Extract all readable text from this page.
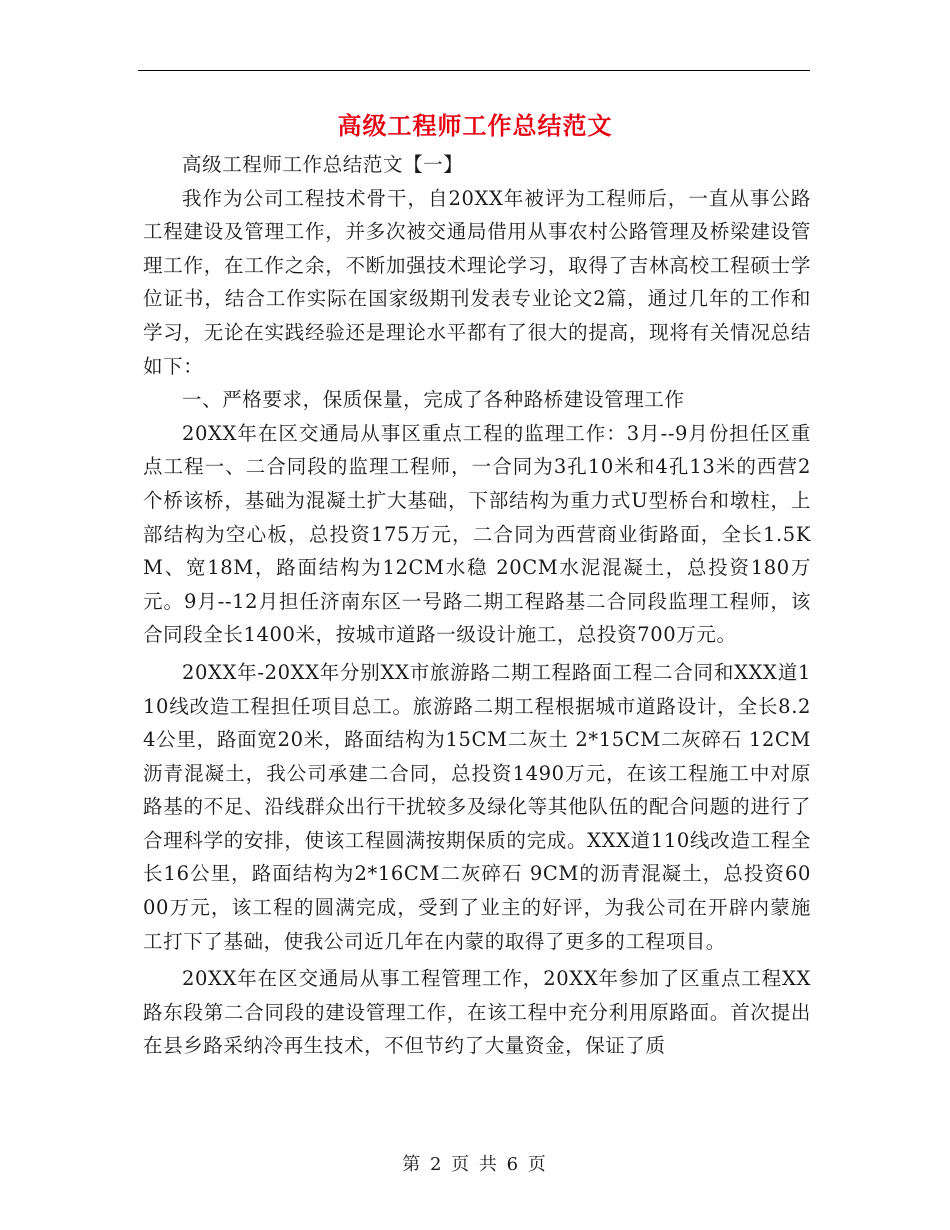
高级工程师工作总结范文

高级工程师工作总结范文【一】

我作为公司工程技术骨干，自20XX年被评为工程师后，一直从事公路工程建设及管理工作，并多次被交通局借用从事农村公路管理及桥梁建设管理工作，在工作之余，不断加强技术理论学习，取得了吉林高校工程硕士学位证书，结合工作实际在国家级期刊发表专业论文2篇，通过几年的工作和学习，无论在实践经验还是理论水平都有了很大的提高，现将有关情况总结如下：

一、严格要求，保质保量，完成了各种路桥建设管理工作

20XX年在区交通局从事区重点工程的监理工作：3月--9月份担任区重点工程一、二合同段的监理工程师，一合同为3孔10米和4孔13米的西营2个桥该桥，基础为混凝土扩大基础，下部结构为重力式U型桥台和墩柱，上部结构为空心板，总投资175万元，二合同为西营商业街路面，全长1.5KM、宽18M，路面结构为12CM水稳 20CM水泥混凝土，总投资180万元。9月--12月担任济南东区一号路二期工程路基二合同段监理工程师，该合同段全长1400米，按城市道路一级设计施工，总投资700万元。

20XX年-20XX年分别XX市旅游路二期工程路面工程二合同和XXX道110线改造工程担任项目总工。旅游路二期工程根据城市道路设计，全长8.24公里，路面宽20米，路面结构为15CM二灰土 2*15CM二灰碎石 12CM沥青混凝土，我公司承建二合同，总投资1490万元，在该工程施工中对原路基的不足、沿线群众出行干扰较多及绿化等其他队伍的配合问题的进行了合理科学的安排，使该工程圆满按期保质的完成。XXX道110线改造工程全长16公里，路面结构为2*16CM二灰碎石 9CM的沥青混凝土，总投资6000万元，该工程的圆满完成，受到了业主的好评，为我公司在开辟内蒙施工打下了基础，使我公司近几年在内蒙的取得了更多的工程项目。

20XX年在区交通局从事工程管理工作，20XX年参加了区重点工程XX路东段第二合同段的建设管理工作，在该工程中充分利用原路面。首次提出在县乡路采纳冷再生技术，不但节约了大量资金，保证了质

第 2 页 共 6 页
